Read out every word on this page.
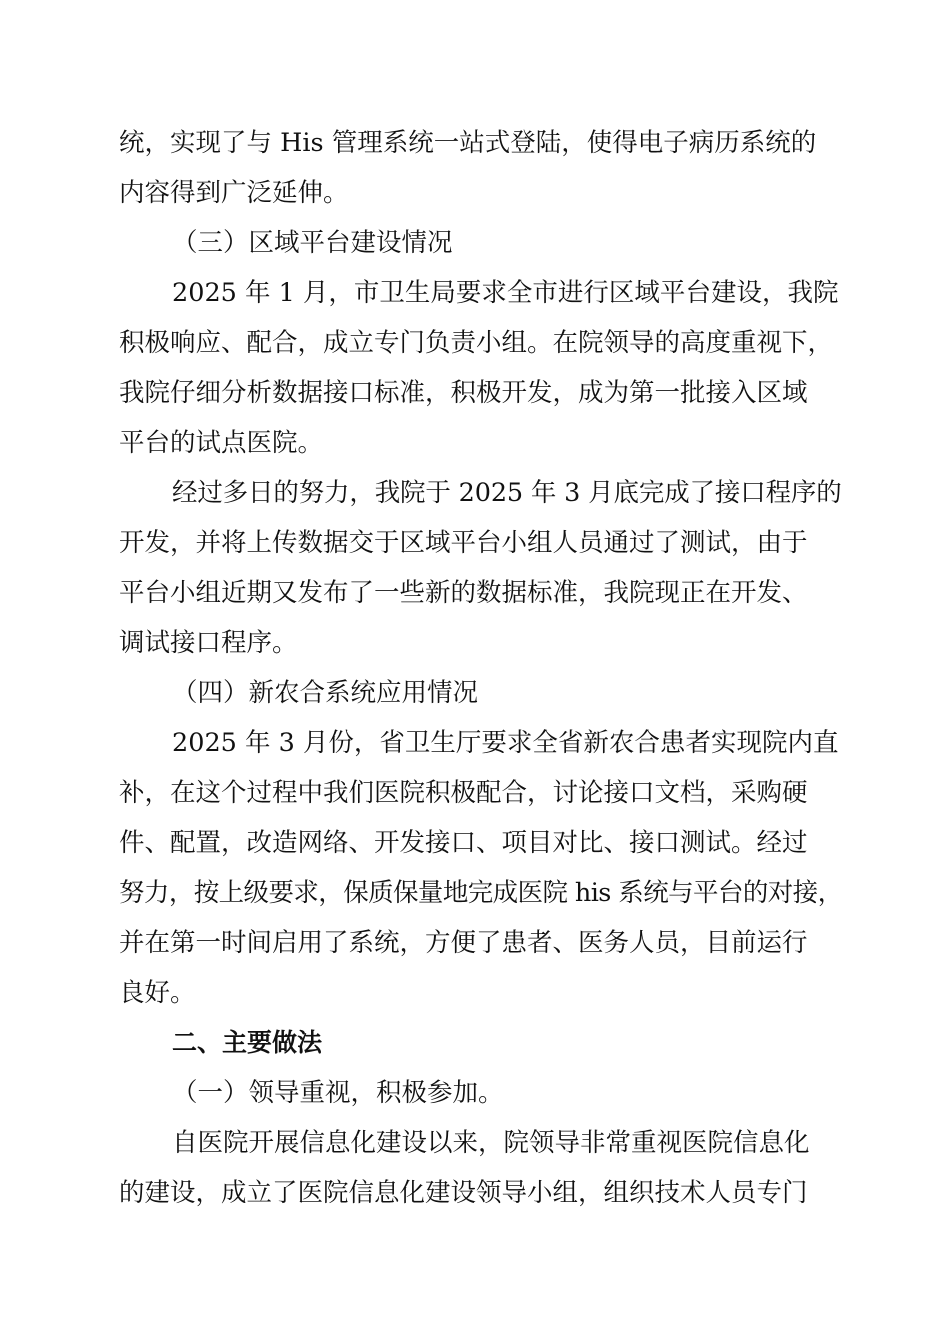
统，实现了与 His 管理系统一站式登陆，使得电子病历系统的
内容得到广泛延伸。
（三）区域平台建设情况
2025 年 1 月，市卫生局要求全市进行区域平台建设，我院
积极响应、配合，成立专门负责小组。在院领导的高度重视下，
我院仔细分析数据接口标准，积极开发，成为第一批接入区域
平台的试点医院。
经过多日的努力，我院于 2025 年 3 月底完成了接口程序的
开发，并将上传数据交于区域平台小组人员通过了测试，由于
平台小组近期又发布了一些新的数据标准，我院现正在开发、
调试接口程序。
（四）新农合系统应用情况
2025 年 3 月份，省卫生厅要求全省新农合患者实现院内直
补，在这个过程中我们医院积极配合，讨论接口文档，采购硬
件、配置，改造网络、开发接口、项目对比、接口测试。经过
努力，按上级要求，保质保量地完成医院 his 系统与平台的对接，
并在第一时间启用了系统，方便了患者、医务人员，目前运行
良好。
二、主要做法
（一）领导重视，积极参加。
自医院开展信息化建设以来，院领导非常重视医院信息化
的建设，成立了医院信息化建设领导小组，组织技术人员专门
